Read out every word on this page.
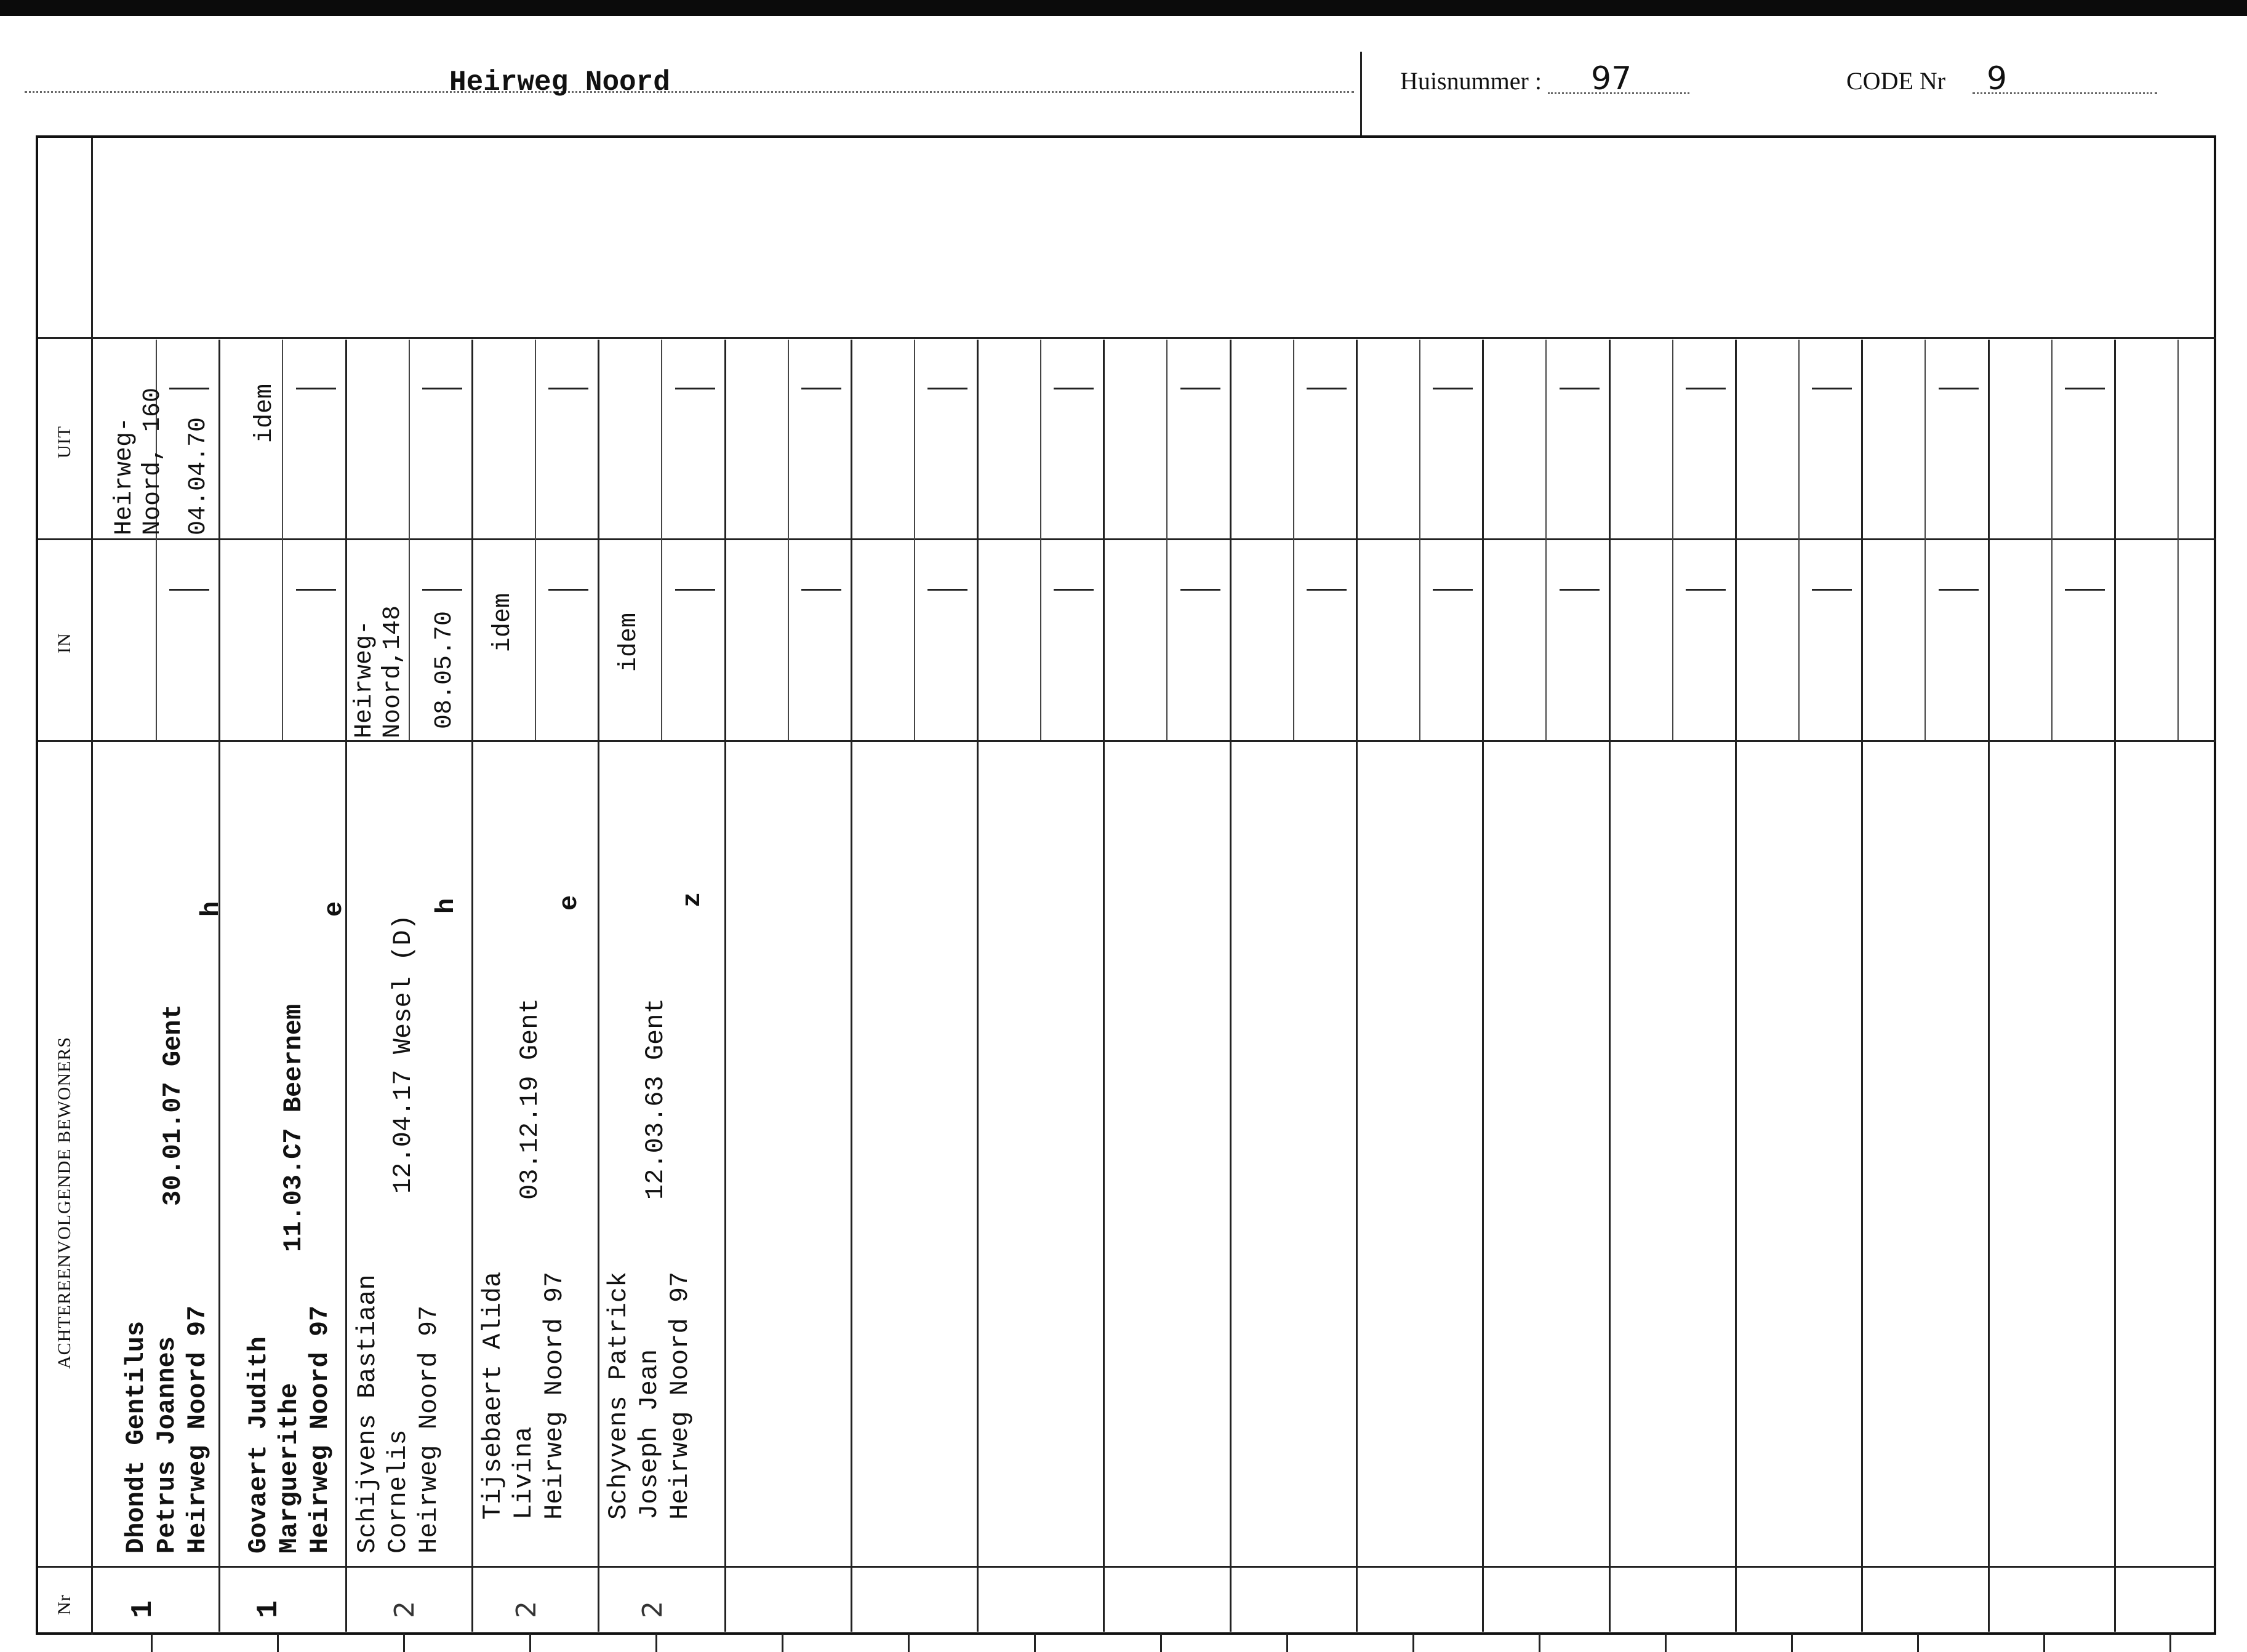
Heirweg Noord	Huisnummer : 97	CODE Nr 9
UIT
IN
ACHTEREENVOLGENDE BEWONERS
Nr
Dhondt Gentilus Petrus Joannes Heirweg Noord 97
30.01.07 Gent
h
Heirweg- Noord, 160 04.04.70
1
Govaert Judith Marguerithe Heirweg Noord 97
11.03.C7 Beernem
e
idem
1
Schijvens Bastiaan Cornelis Heirweg Noord 97
12.04.17 Wesel (D)
h
Heirweg- Noord,148 08.05.70
2
Tijsebaert Alida Livina Heirweg Noord 97
03.12.19 Gent
e
idem
2
Schyvens Patrick Joseph Jean Heirweg Noord 97
12.03.63 Gent
z
idem
2
